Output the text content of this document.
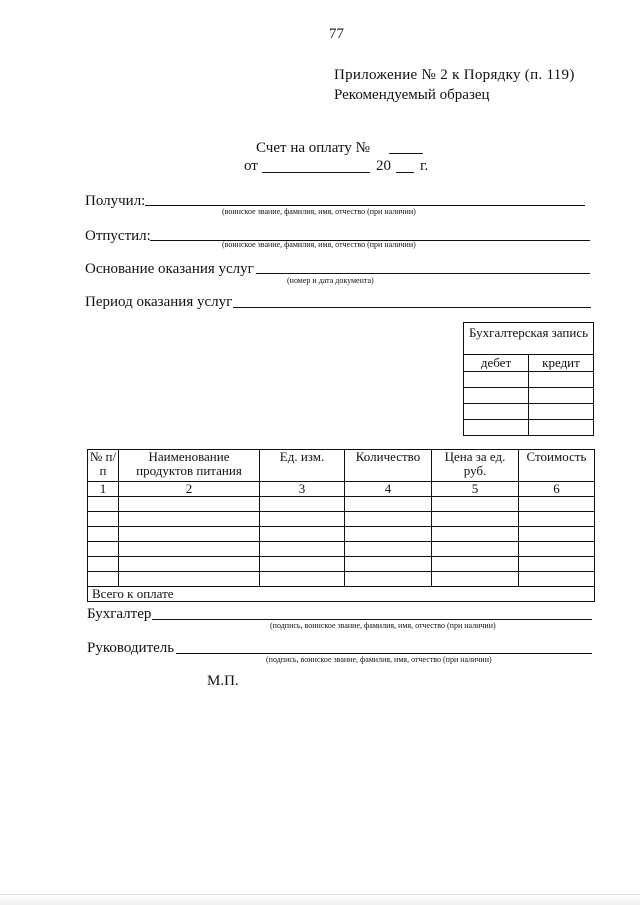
77
Приложение № 2 к Порядку (п. 119)
Рекомендуемый образец
Счет на оплату №
от	20 г.
Получил:
(воинское звание, фамилия, имя, отчество (при наличии)
Отпустил:
(воинское звание, фамилия, имя, отчество (при наличии)
Основание оказания услуг
(номер и дата документа)
Период оказания услуг
Бухгалтерская запись	
дебет	кредит

№ п/п	Наименование продуктов питания	Ед. изм.	Количество	Цена за ед. руб.	Стоимость
1	2	3	4	5	6

Всего к оплате					
Бухгалтер
(подпись, воинское звание, фамилия, имя, отчество (при наличии)
Руководитель
(подпись, воинское звание, фамилия, имя, отчество (при наличии)
М.П.
